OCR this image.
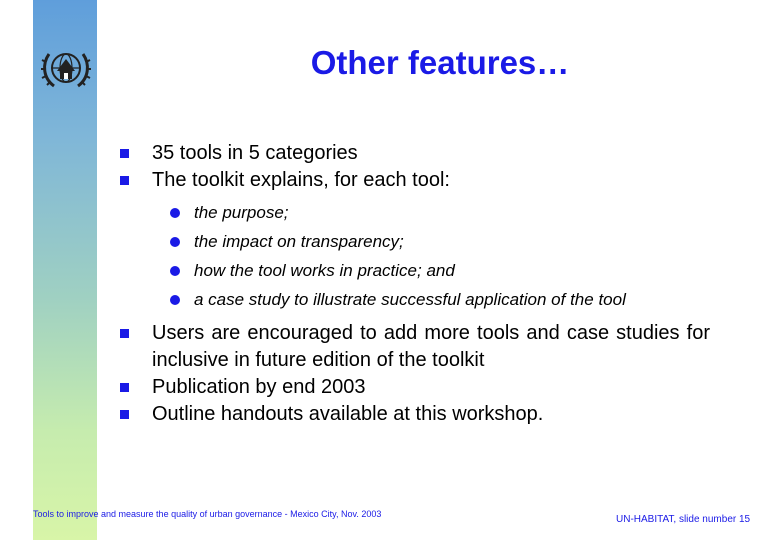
Other features…
35 tools in 5 categories
The toolkit explains, for each tool:
the purpose;
the impact on transparency;
how the tool works in practice; and
a case study to illustrate successful application of the tool
Users are encouraged to add more tools and case studies for inclusive in future edition of the toolkit
Publication by end 2003
Outline handouts available at this workshop.
Tools to improve and measure the quality of urban governance - Mexico City, Nov. 2003	UN-HABITAT, slide number 15
